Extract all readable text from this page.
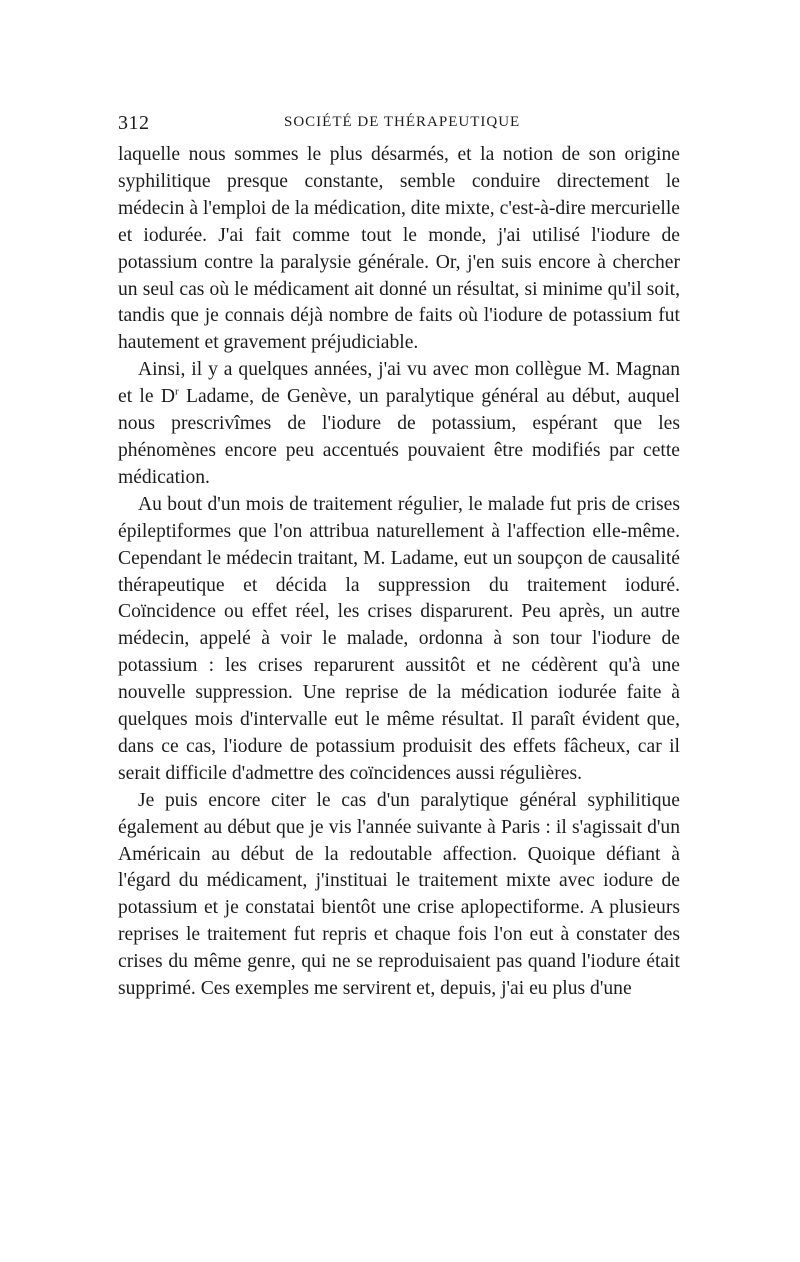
312	SOCIÉTÉ DE THÉRAPEUTIQUE

laquelle nous sommes le plus désarmés, et la notion de son origine syphilitique presque constante, semble conduire directement le médecin à l'emploi de la médication, dite mixte, c'est-à-dire mercurielle et iodurée. J'ai fait comme tout le monde, j'ai utilisé l'iodure de potassium contre la paralysie générale. Or, j'en suis encore à chercher un seul cas où le médicament ait donné un résultat, si minime qu'il soit, tandis que je connais déjà nombre de faits où l'iodure de potassium fut hautement et gravement préjudiciable.

Ainsi, il y a quelques années, j'ai vu avec mon collègue M. Magnan et le $D^r$ Ladame, de Genève, un paralytique général au début, auquel nous prescrivîmes de l'iodure de potassium, espérant que les phénomènes encore peu accentués pouvaient être modifiés par cette médication.

Au bout d'un mois de traitement régulier, le malade fut pris de crises épileptiformes que l'on attribua naturellement à l'affection elle-même. Cependant le médecin traitant, M. Ladame, eut un soupçon de causalité thérapeutique et décida la suppression du traitement ioduré. Coïncidence ou effet réel, les crises disparurent. Peu après, un autre médecin, appelé à voir le malade, ordonna à son tour l'iodure de potassium : les crises reparurent aussitôt et ne cédèrent qu'à une nouvelle suppression. Une reprise de la médication iodurée faite à quelques mois d'intervalle eut le même résultat. Il paraît évident que, dans ce cas, l'iodure de potassium produisit des effets fâcheux, car il serait difficile d'admettre des coïncidences aussi régulières.

Je puis encore citer le cas d'un paralytique général syphilitique également au début que je vis l'année suivante à Paris : il s'agissait d'un Américain au début de la redoutable affection. Quoique défiant à l'égard du médicament, j'instituai le traitement mixte avec iodure de potassium et je constatai bientôt une crise aplopectiforme. A plusieurs reprises le traitement fut repris et chaque fois l'on eut à constater des crises du même genre, qui ne se reproduisaient pas quand l'iodure était supprimé. Ces exemples me servirent et, depuis, j'ai eu plus d'une
